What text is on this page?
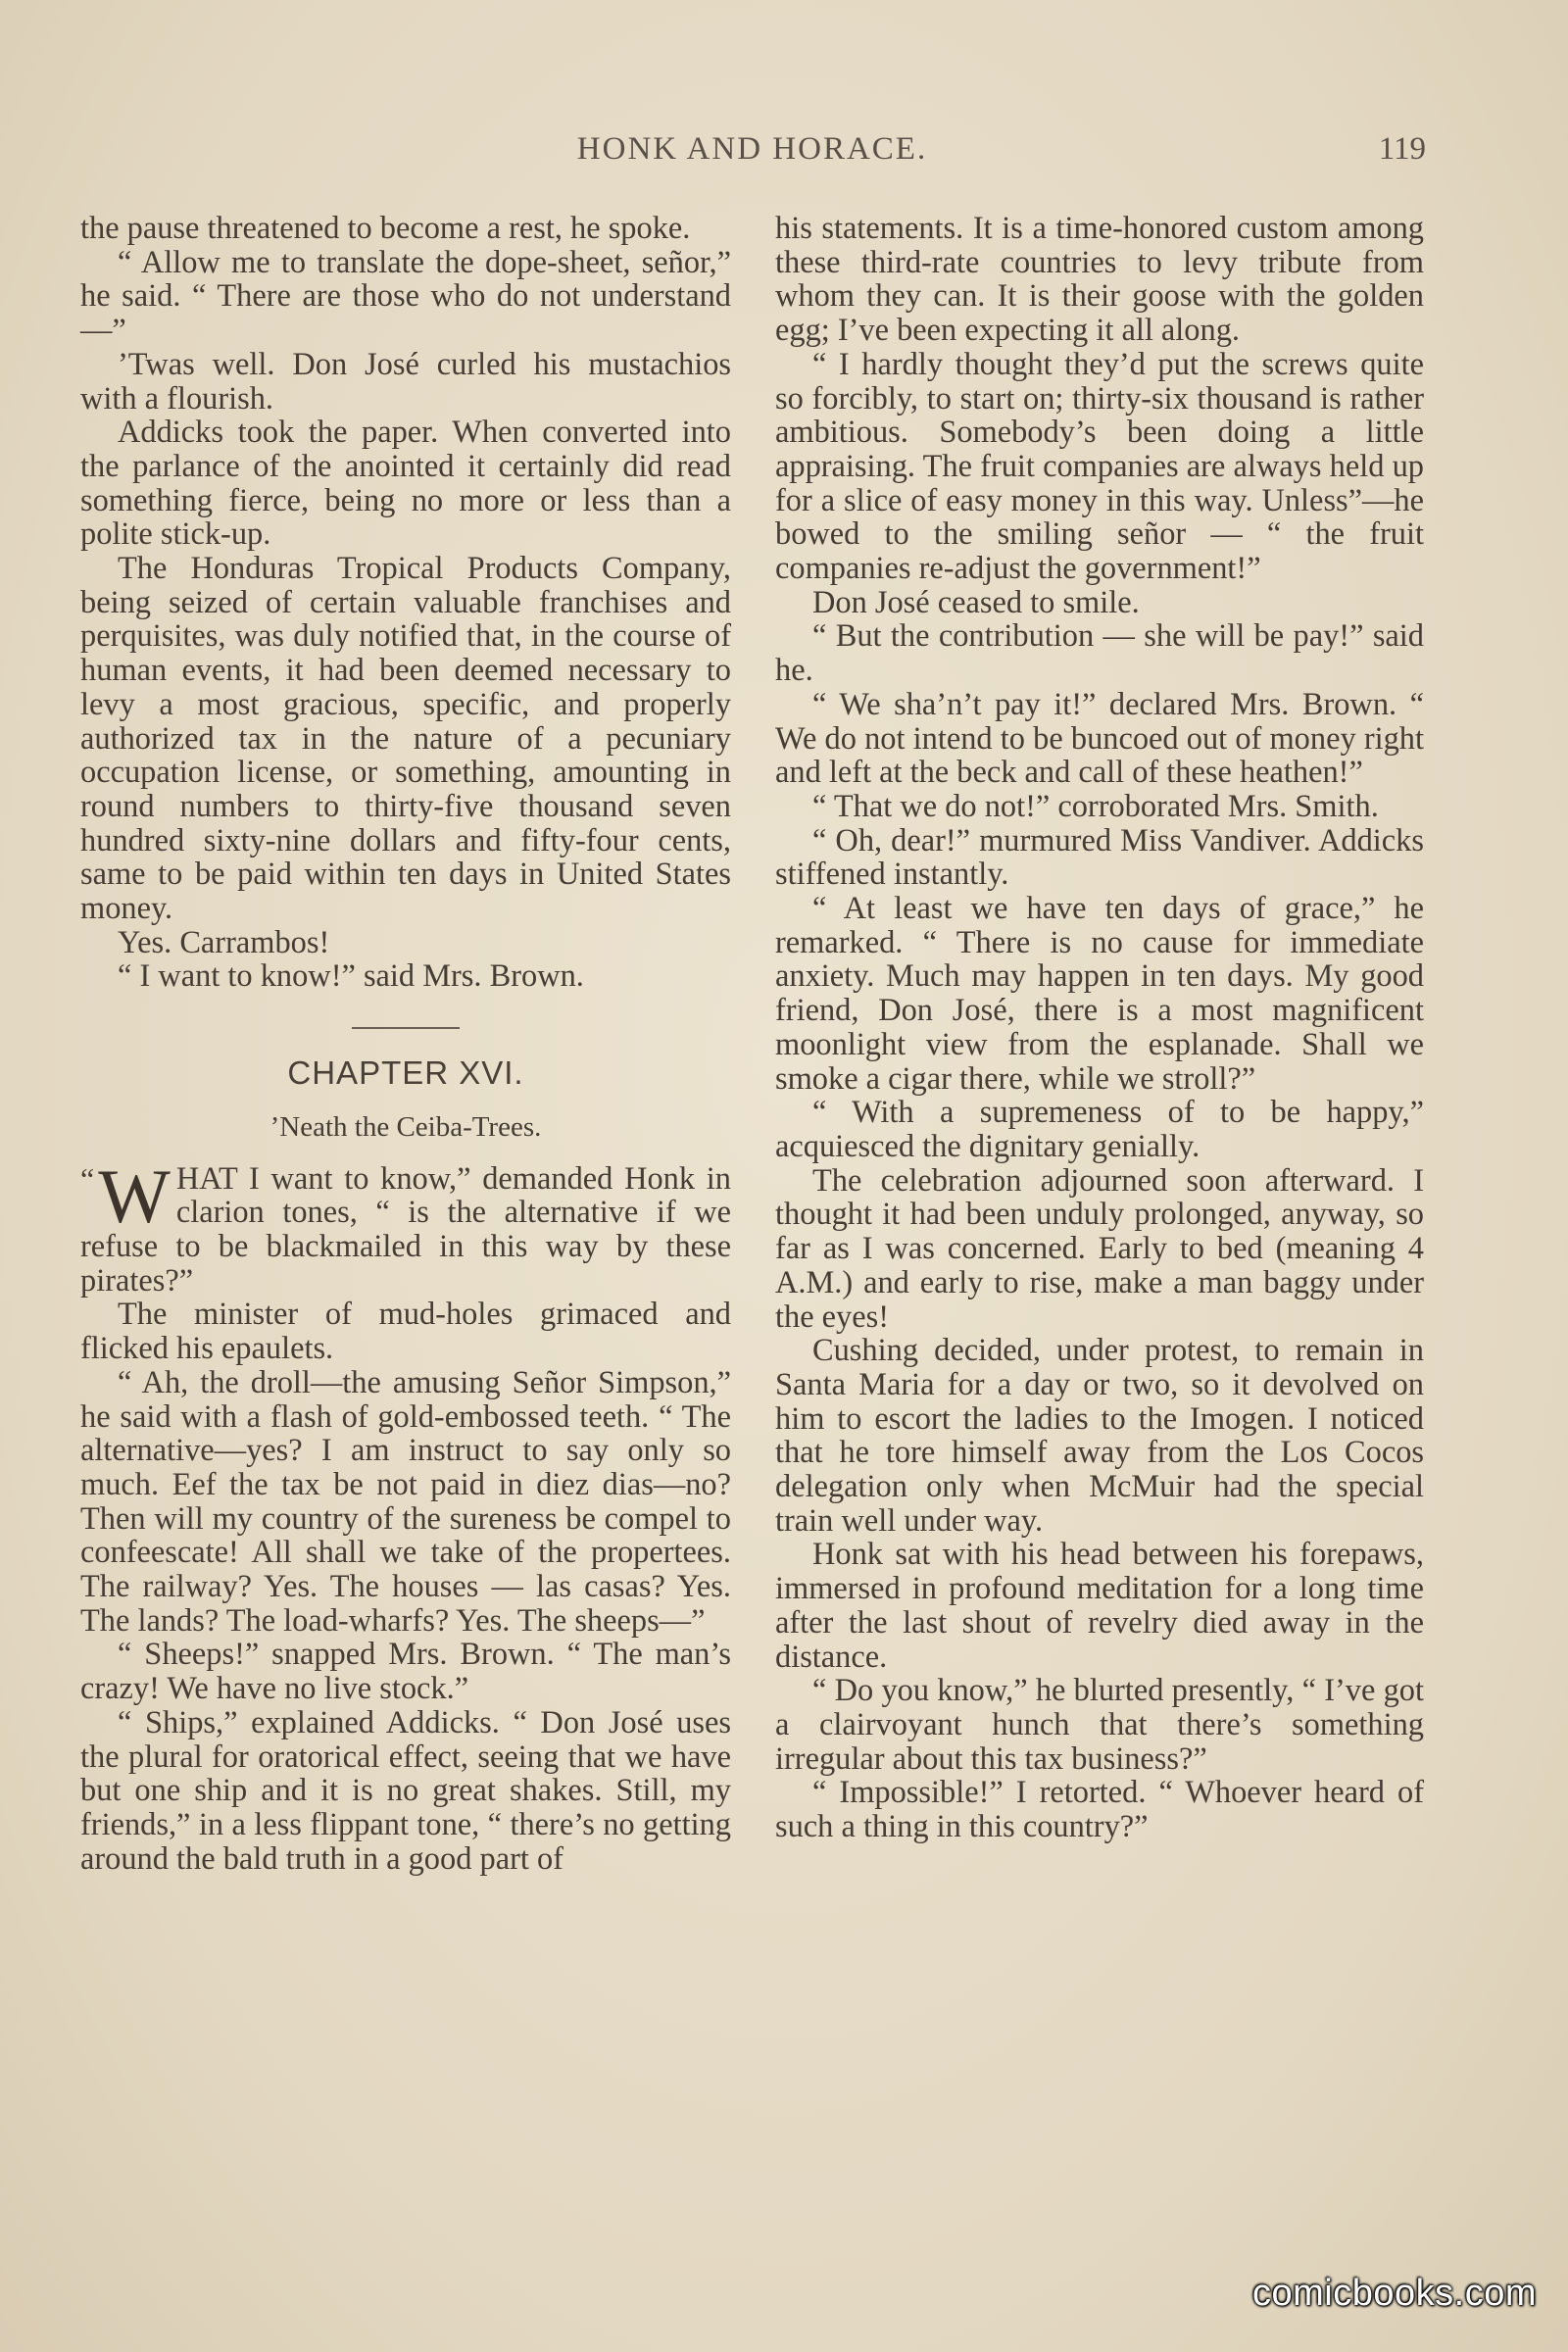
HONK AND HORACE.	119

the pause threatened to become a rest, he spoke.

“ Allow me to translate the dope-sheet, señor,” he said. “ There are those who do not understand—”

’Twas well. Don José curled his mustachios with a flourish.

Addicks took the paper. When converted into the parlance of the anointed it certainly did read something fierce, being no more or less than a polite stick-up.

The Honduras Tropical Products Company, being seized of certain valuable franchises and perquisites, was duly notified that, in the course of human events, it had been deemed necessary to levy a most gracious, specific, and properly authorized tax in the nature of a pecuniary occupation license, or something, amounting in round numbers to thirty-five thousand seven hundred sixty-nine dollars and fifty-four cents, same to be paid within ten days in United States money.

Yes. Carrambos!

“ I want to know!” said Mrs. Brown.

CHAPTER XVI.
’Neath the Ceiba-Trees.

“ W HAT I want to know,” demanded Honk in clarion tones, “ is the alternative if we refuse to be blackmailed in this way by these pirates?”

The minister of mud-holes grimaced and flicked his epaulets.

“ Ah, the droll—the amusing Señor Simpson,” he said with a flash of gold-embossed teeth. “ The alternative—yes? I am instruct to say only so much. Eef the tax be not paid in diez dias—no? Then will my country of the sureness be compel to confeescate! All shall we take of the propertees. The railway? Yes. The houses — las casas? Yes. The lands? The load-wharfs? Yes. The sheeps—”

“ Sheeps!” snapped Mrs. Brown. “ The man’s crazy! We have no live stock.”

“ Ships,” explained Addicks. “ Don José uses the plural for oratorical effect, seeing that we have but one ship and it is no great shakes. Still, my friends,” in a less flippant tone, “ there’s no getting around the bald truth in a good part of

his statements. It is a time-honored custom among these third-rate countries to levy tribute from whom they can. It is their goose with the golden egg; I’ve been expecting it all along.

“ I hardly thought they’d put the screws quite so forcibly, to start on; thirty-six thousand is rather ambitious. Somebody’s been doing a little appraising. The fruit companies are always held up for a slice of easy money in this way. Unless”—he bowed to the smiling señor — “ the fruit companies re-adjust the government!”

Don José ceased to smile.

“ But the contribution — she will be pay!” said he.

“ We sha’n’t pay it!” declared Mrs. Brown. “ We do not intend to be buncoed out of money right and left at the beck and call of these heathen!”

“ That we do not!” corroborated Mrs. Smith.

“ Oh, dear!” murmured Miss Vandiver. Addicks stiffened instantly.

“ At least we have ten days of grace,” he remarked. “ There is no cause for immediate anxiety. Much may happen in ten days. My good friend, Don José, there is a most magnificent moonlight view from the esplanade. Shall we smoke a cigar there, while we stroll?”

“ With a supremeness of to be happy,” acquiesced the dignitary genially.

The celebration adjourned soon afterward. I thought it had been unduly prolonged, anyway, so far as I was concerned. Early to bed (meaning 4 A.M.) and early to rise, make a man baggy under the eyes!

Cushing decided, under protest, to remain in Santa Maria for a day or two, so it devolved on him to escort the ladies to the Imogen. I noticed that he tore himself away from the Los Cocos delegation only when McMuir had the special train well under way.

Honk sat with his head between his forepaws, immersed in profound meditation for a long time after the last shout of revelry died away in the distance.

“ Do you know,” he blurted presently, “ I’ve got a clairvoyant hunch that there’s something irregular about this tax business?”

“ Impossible!” I retorted. “ Whoever heard of such a thing in this country?”

comicbooks.com
